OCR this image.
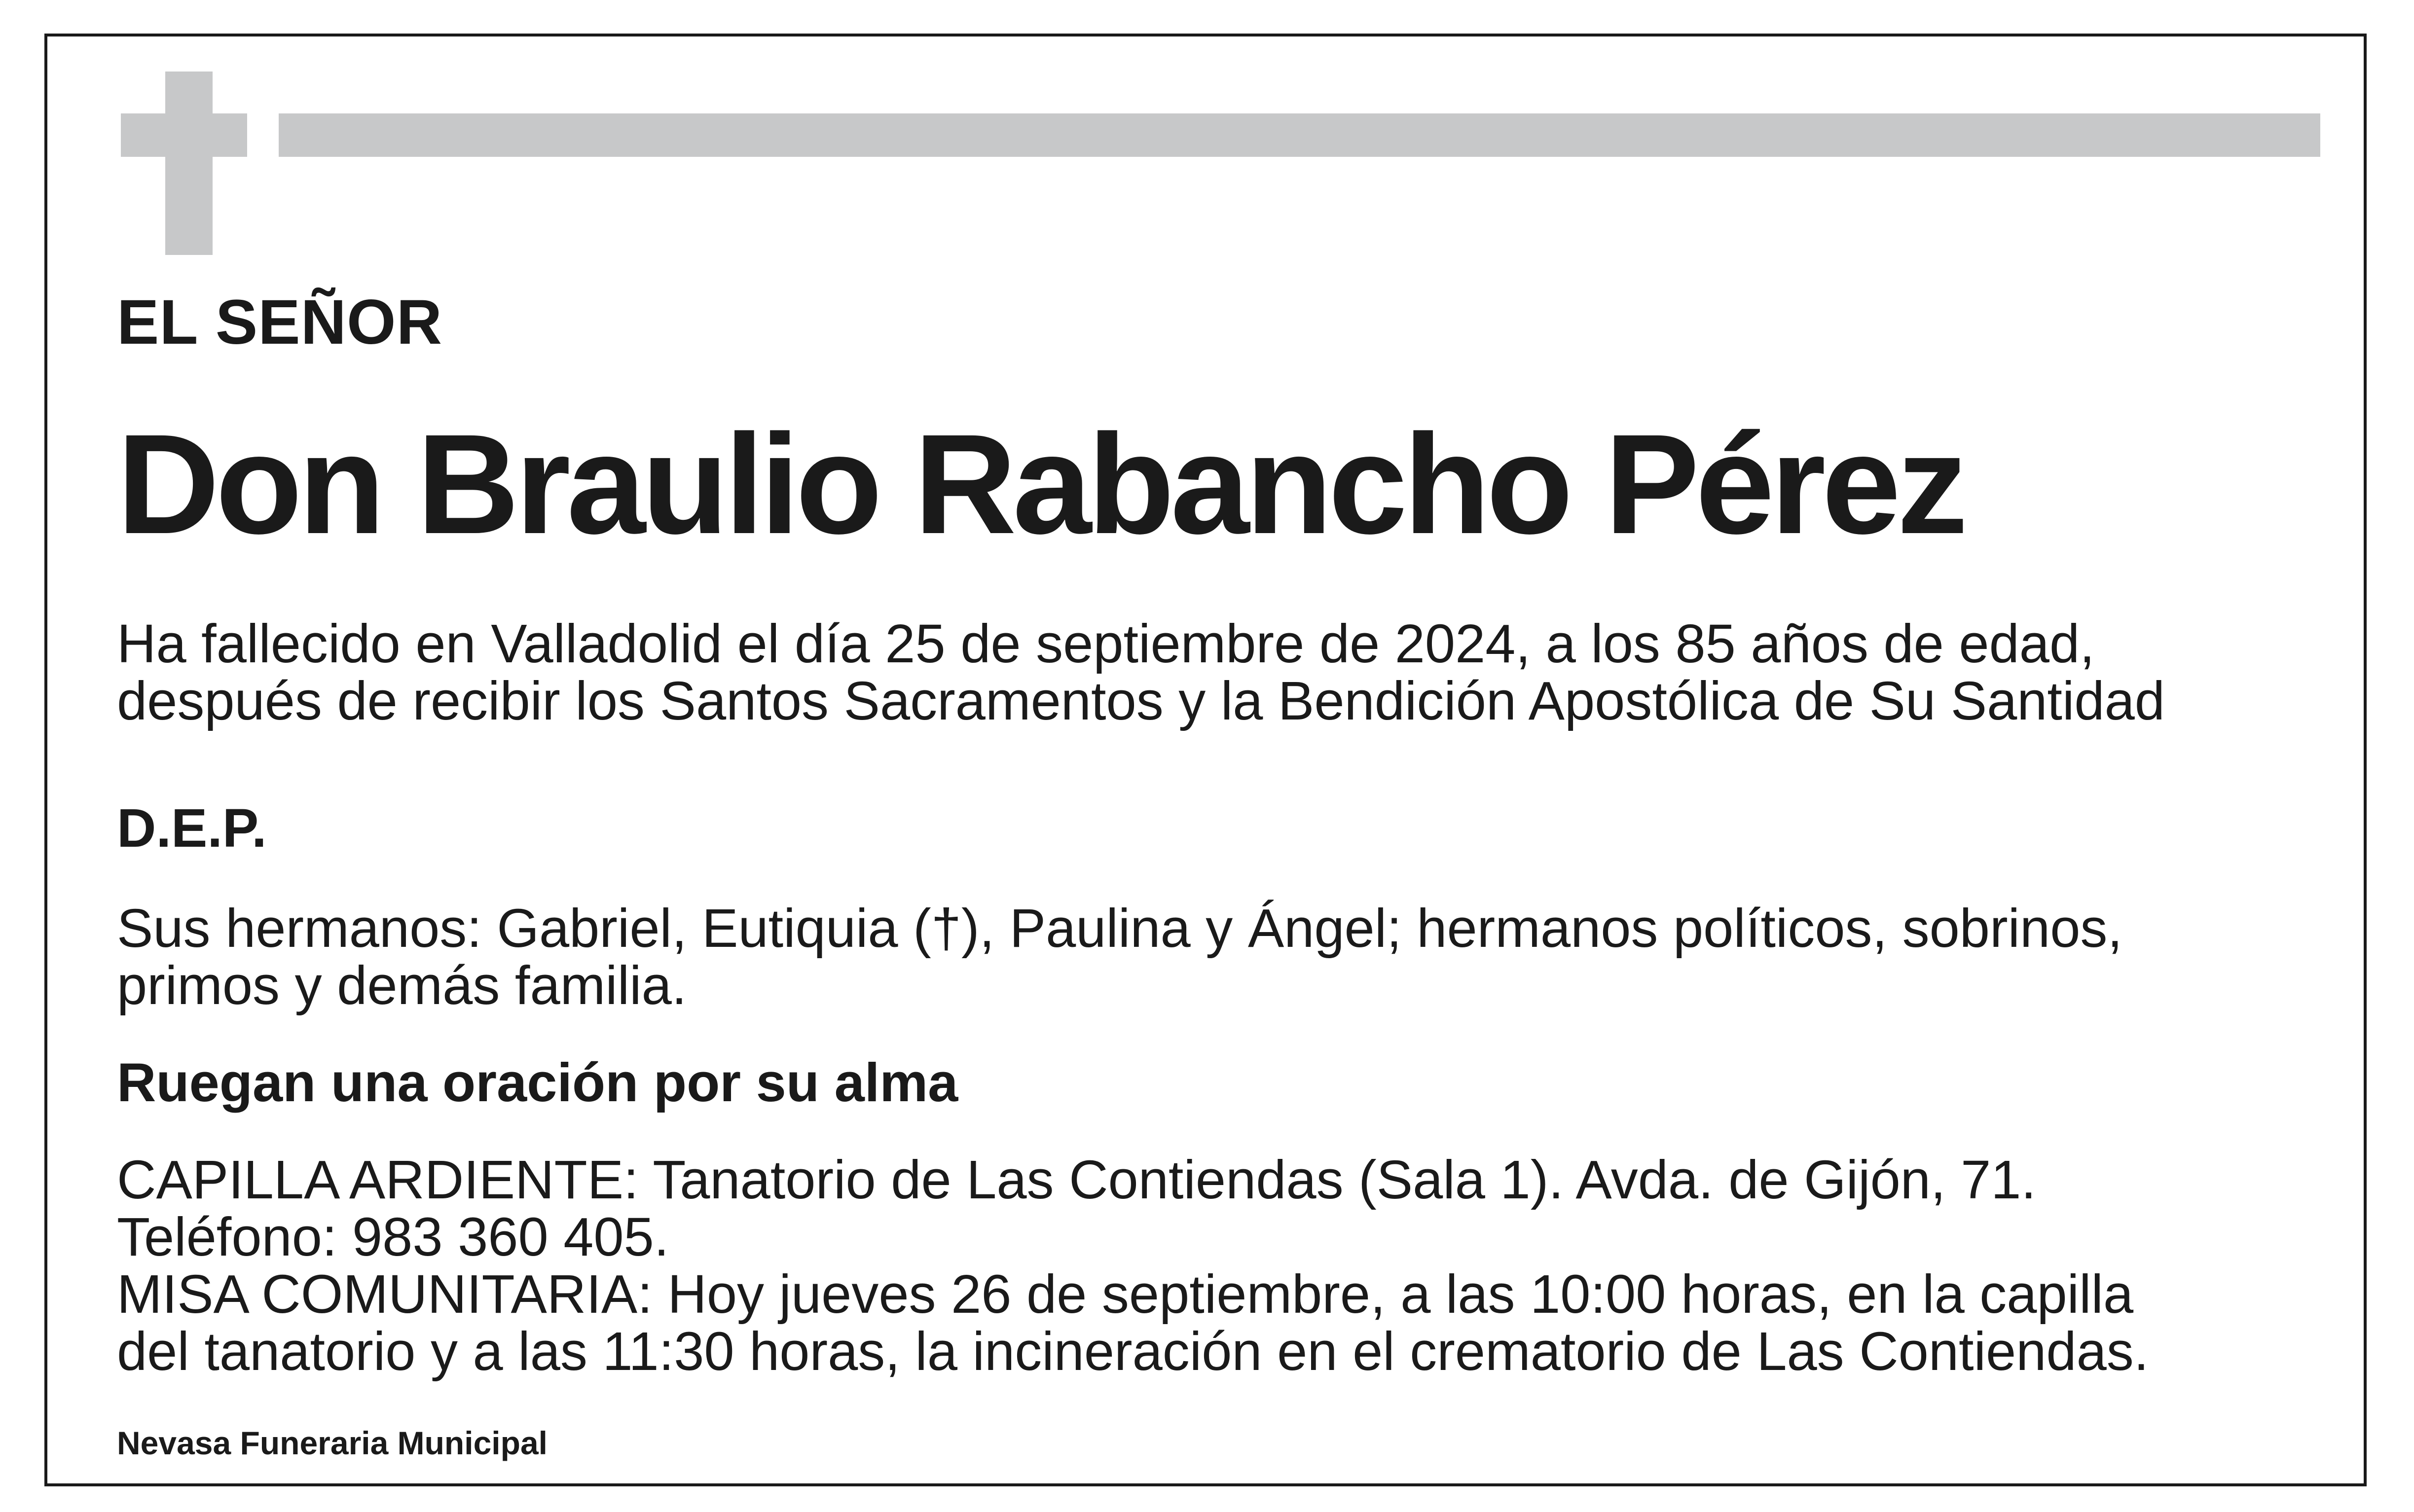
EL SEÑOR
Don Braulio Rabancho Pérez

Ha fallecido en Valladolid el día 25 de septiembre de 2024, a los 85 años de edad,
después de recibir los Santos Sacramentos y la Bendición Apostólica de Su Santidad

D.E.P.

Sus hermanos: Gabriel, Eutiquia (†), Paulina y Ángel; hermanos políticos, sobrinos,
primos y demás familia.

Ruegan una oración por su alma

CAPILLA ARDIENTE: Tanatorio de Las Contiendas (Sala 1). Avda. de Gijón, 71.
Teléfono: 983 360 405.
MISA COMUNITARIA: Hoy jueves 26 de septiembre, a las 10:00 horas, en la capilla
del tanatorio y a las 11:30 horas, la incineración en el crematorio de Las Contiendas.

Nevasa Funeraria Municipal
